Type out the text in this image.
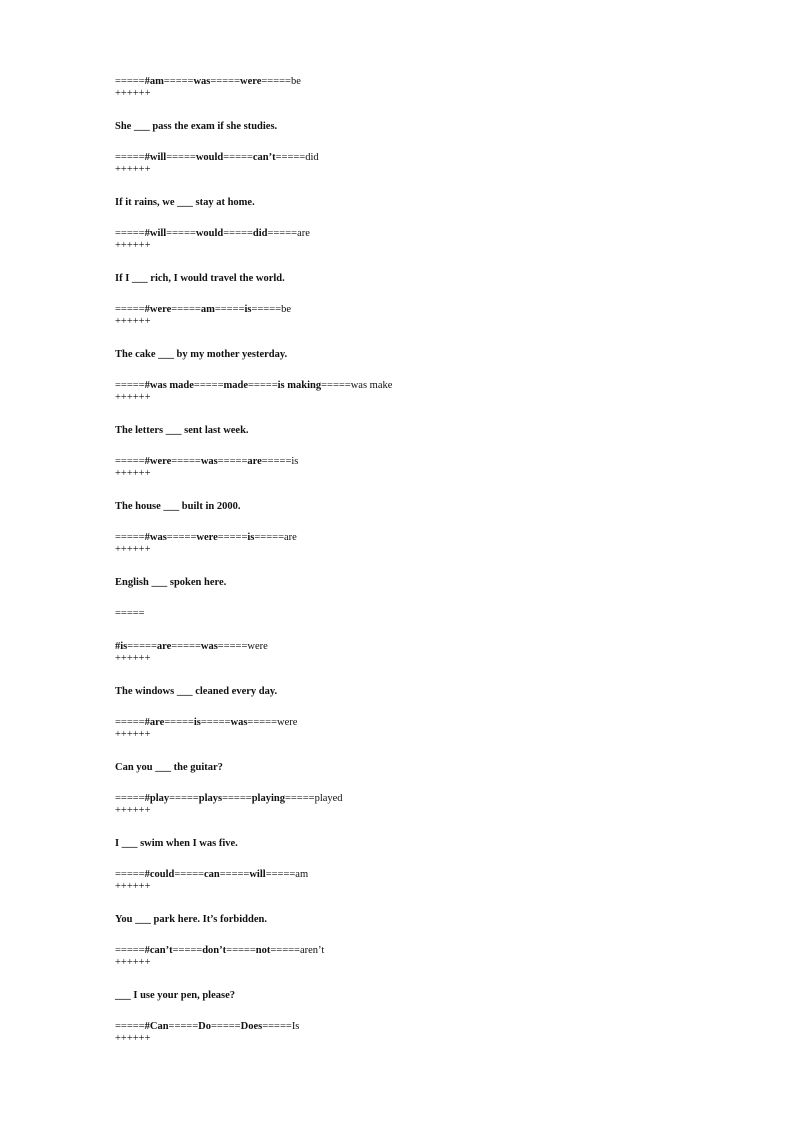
=====#am=====was=====were=====be
++++++
She ___ pass the exam if she studies.
=====#will=====would=====can’t=====did
++++++
If it rains, we ___ stay at home.
=====#will=====would=====did=====are
++++++
If I ___ rich, I would travel the world.
=====#were=====am=====is=====be
++++++
The cake ___ by my mother yesterday.
=====#was made=====made=====is making=====was make
++++++
The letters ___ sent last week.
=====#were=====was=====are=====is
++++++
The house ___ built in 2000.
=====#was=====were=====is=====are
++++++
English ___ spoken here.
=====
#is=====are=====was=====were
++++++
The windows ___ cleaned every day.
=====#are=====is=====was=====were
++++++
Can you ___ the guitar?
=====#play=====plays=====playing=====played
++++++
I ___ swim when I was five.
=====#could=====can=====will=====am
++++++
You ___ park here. It’s forbidden.
=====#can’t=====don’t=====not=====aren’t
++++++
___ I use your pen, please?
=====#Can=====Do=====Does=====Is
++++++
